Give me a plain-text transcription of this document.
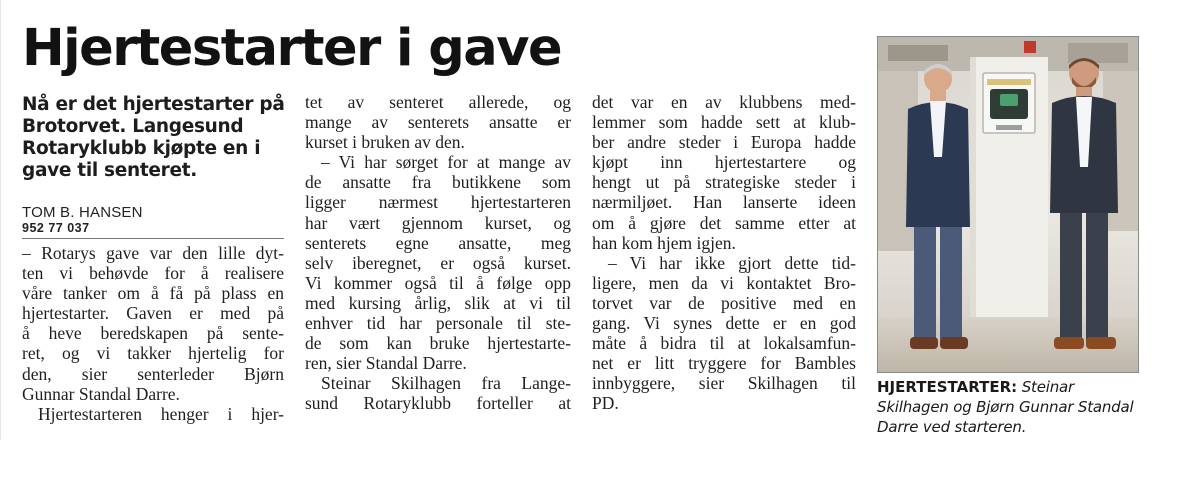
Hjertestarter i gave

Nå er det hjertestarter på Brotorvet. Langesund Rotaryklubb kjøpte en i gave til senteret.

TOM B. HANSEN
952 77 037
– Rotarys gave var den lille dyt-
ten vi behøvde for å realisere
våre tanker om å få på plass en
hjertestarter. Gaven er med på
å heve beredskapen på sente-
ret, og vi takker hjertelig for
den, sier senterleder Bjørn
Gunnar Standal Darre.
Hjertestarteren henger i hjer-
tet av senteret allerede, og
mange av senterets ansatte er
kurset i bruken av den.
– Vi har sørget for at mange av
de ansatte fra butikkene som
ligger nærmest hjertestarteren
har vært gjennom kurset, og
senterets egne ansatte, meg
selv iberegnet, er også kurset.
Vi kommer også til å følge opp
med kursing årlig, slik at vi til
enhver tid har personale til ste-
de som kan bruke hjertestarte-
ren, sier Standal Darre.
Steinar Skilhagen fra Lange-
sund Rotaryklubb forteller at
det var en av klubbens med-
lemmer som hadde sett at klub-
ber andre steder i Europa hadde
kjøpt inn hjertestartere og
hengt ut på strategiske steder i
nærmiljøet. Han lanserte ideen
om å gjøre det samme etter at
han kom hjem igjen.
– Vi har ikke gjort dette tid-
ligere, men da vi kontaktet Bro-
torvet var de positive med en
gang. Vi synes dette er en god
måte å bidra til at lokalsamfun-
net er litt tryggere for Bambles
innbyggere, sier Skilhagen til
PD.

HJERTESTARTER: Steinar Skilhagen og Bjørn Gunnar Standal Darre ved starteren.
